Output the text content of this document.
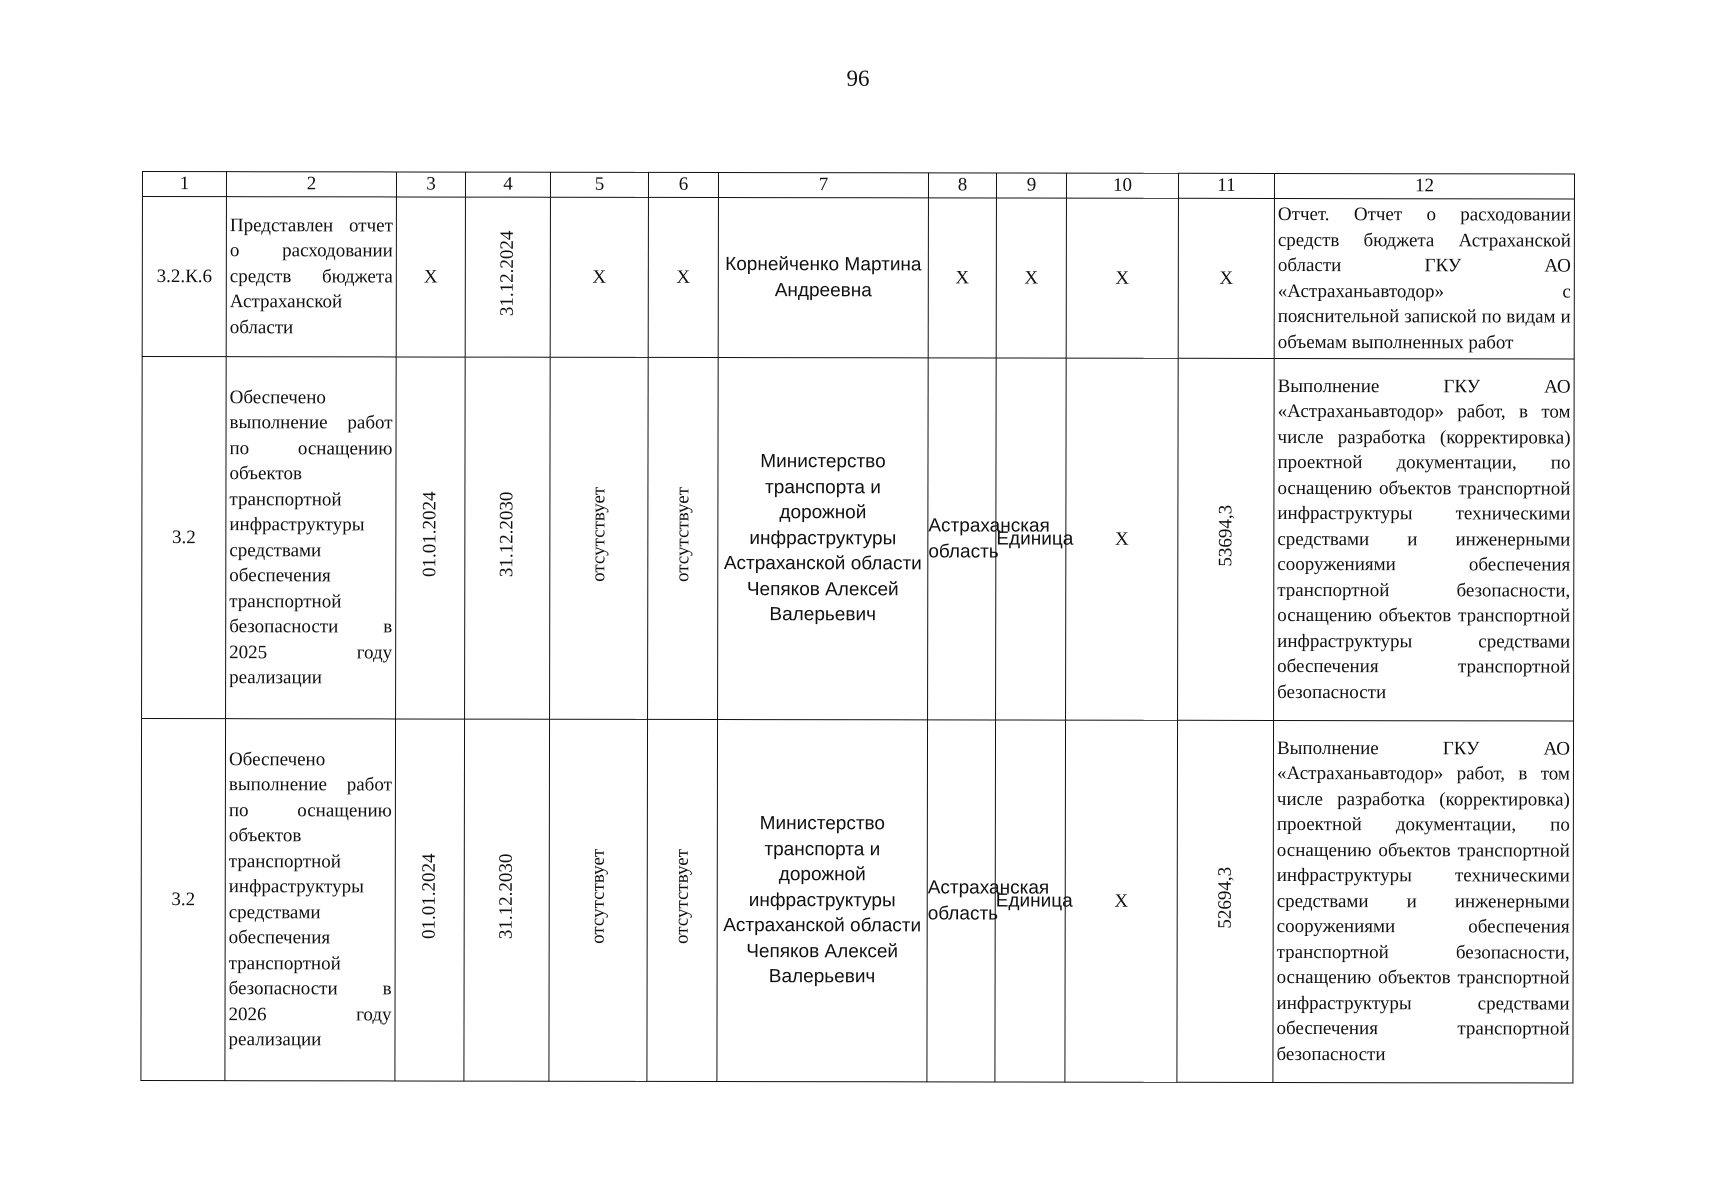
96
1	2	3	4	5	6	7	8	9	10	11	12
3.2.К.6	Представлен отчет о расходовании средств бюджета Астраханской области	Х	31.12.2024	Х	Х	Корнейченко Мартина Андреевна	Х	Х	Х	Х	Отчет. Отчет о расходовании средств бюджета Астраханской области ГКУ АО «Астраханьавтодор» с пояснительной запиской по видам и объемам выполненных работ
3.2	Обеспечено выполнение работ по оснащению объектов транспортной инфраструктуры средствами обеспечения транспортной безопасности в 2025 году реализации	01.01.2024	31.12.2030	отсутствует	отсутствует	Министерство транспорта и дорожной инфраструктуры Астраханской области Чепяков Алексей Валерьевич	Астраханская область	Единица	Х	53694,3	Выполнение ГКУ АО «Астраханьавтодор» работ, в том числе разработка (корректировка) проектной документации, по оснащению объектов транспортной инфраструктуры техническими средствами и инженерными сооружениями обеспечения транспортной безопасности, оснащению объектов транспортной инфраструктуры средствами обеспечения транспортной безопасности
3.2	Обеспечено выполнение работ по оснащению объектов транспортной инфраструктуры средствами обеспечения транспортной безопасности в 2026 году реализации	01.01.2024	31.12.2030	отсутствует	отсутствует	Министерство транспорта и дорожной инфраструктуры Астраханской области Чепяков Алексей Валерьевич	Астраханская область	Единица	Х	52694,3	Выполнение ГКУ АО «Астраханьавтодор» работ, в том числе разработка (корректировка) проектной документации, по оснащению объектов транспортной инфраструктуры техническими средствами и инженерными сооружениями обеспечения транспортной безопасности, оснащению объектов транспортной инфраструктуры средствами обеспечения транспортной безопасности
